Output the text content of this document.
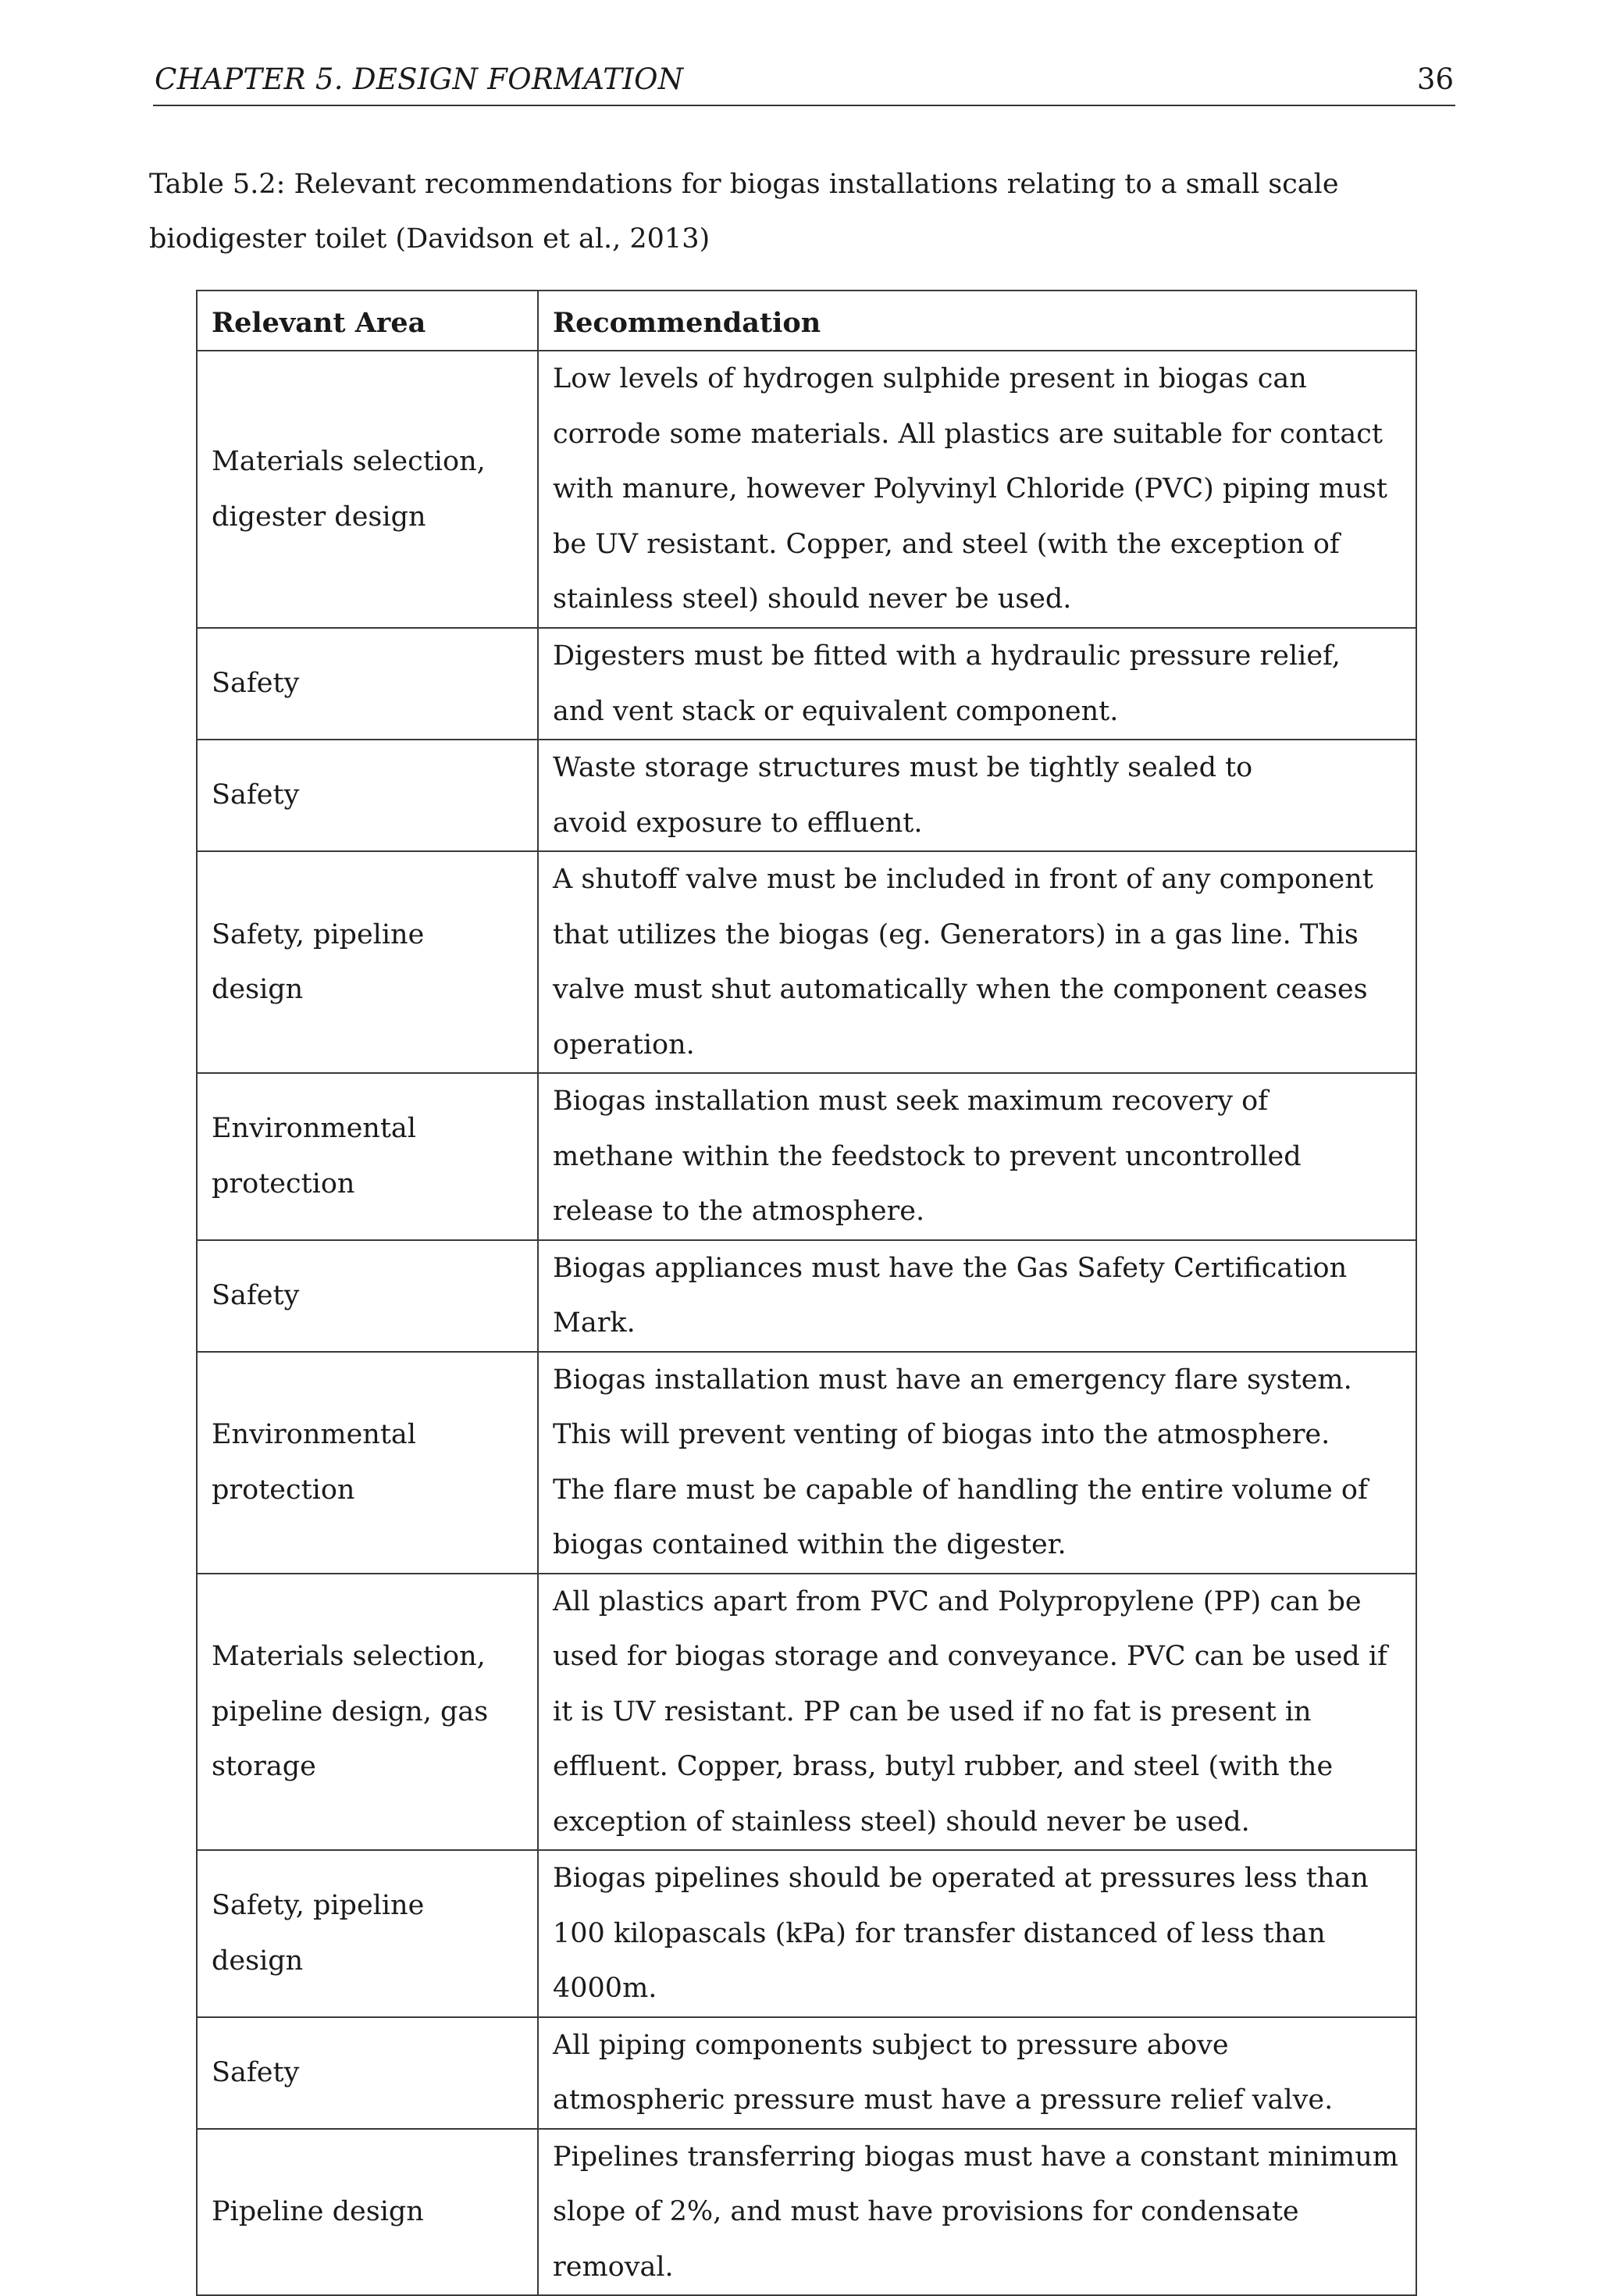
CHAPTER 5. DESIGN FORMATION	36
Table 5.2: Relevant recommendations for biogas installations relating to a small scale biodigester toilet (Davidson et al., 2013)
Relevant Area	Recommendation
Materials selection, digester design	Low levels of hydrogen sulphide present in biogas can corrode some materials. All plastics are suitable for contact with manure, however Polyvinyl Chloride (PVC) piping must be UV resistant. Copper, and steel (with the exception of stainless steel) should never be used.
Safety	Digesters must be fitted with a hydraulic pressure relief, and vent stack or equivalent component.
Safety	Waste storage structures must be tightly sealed to avoid exposure to effluent.
Safety, pipeline design	A shutoff valve must be included in front of any component that utilizes the biogas (eg. Generators) in a gas line. This valve must shut automatically when the component ceases operation.
Environmental protection	Biogas installation must seek maximum recovery of methane within the feedstock to prevent uncontrolled release to the atmosphere.
Safety	Biogas appliances must have the Gas Safety Certification Mark.
Environmental protection	Biogas installation must have an emergency flare system. This will prevent venting of biogas into the atmosphere. The flare must be capable of handling the entire volume of biogas contained within the digester.
Materials selection, pipeline design, gas storage	All plastics apart from PVC and Polypropylene (PP) can be used for biogas storage and conveyance. PVC can be used if it is UV resistant. PP can be used if no fat is present in effluent. Copper, brass, butyl rubber, and steel (with the exception of stainless steel) should never be used.
Safety, pipeline design	Biogas pipelines should be operated at pressures less than 100 kilopascals (kPa) for transfer distanced of less than 4000m.
Safety	All piping components subject to pressure above atmospheric pressure must have a pressure relief valve.
Pipeline design	Pipelines transferring biogas must have a constant minimum slope of 2%, and must have provisions for condensate removal.
